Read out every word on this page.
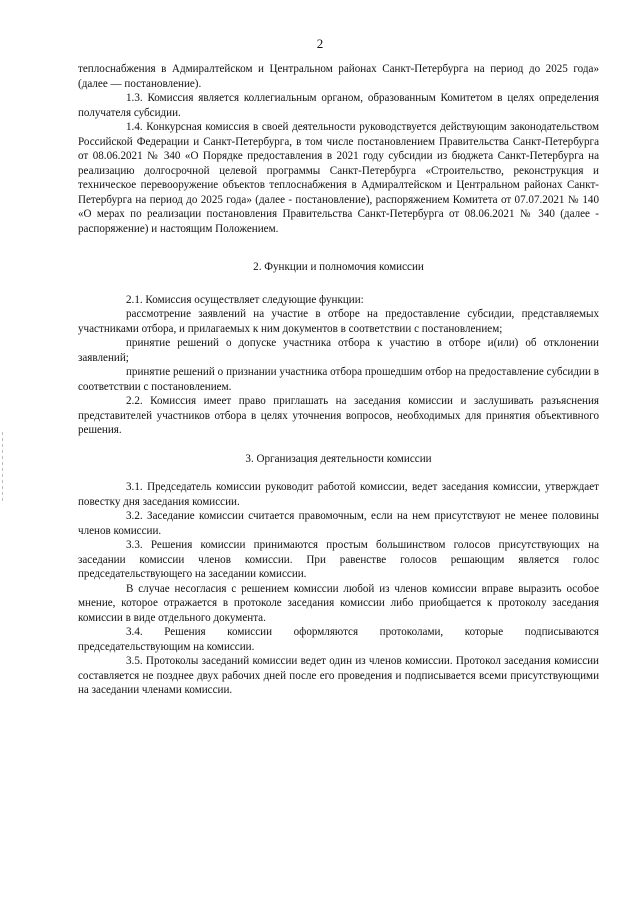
2

теплоснабжения в Адмиралтейском и Центральном районах Санкт-Петербурга на период до 2025 года» (далее — постановление).

1.3. Комиссия является коллегиальным органом, образованным Комитетом в целях определения получателя субсидии.

1.4. Конкурсная комиссия в своей деятельности руководствуется действующим законодательством Российской Федерации и Санкт-Петербурга, в том числе постановлением Правительства Санкт-Петербурга от 08.06.2021 № 340 «О Порядке предоставления в 2021 году субсидии из бюджета Санкт-Петербурга на реализацию долгосрочной целевой программы Санкт-Петербурга «Строительство, реконструкция и техническое перевооружение объектов теплоснабжения в Адмиралтейском и Центральном районах Санкт-Петербурга на период до 2025 года» (далее - постановление), распоряжением Комитета от 07.07.2021 № 140 «О мерах по реализации постановления Правительства Санкт-Петербурга от 08.06.2021 № 340 (далее - распоряжение) и настоящим Положением.

2. Функции и полномочия комиссии

2.1. Комиссия осуществляет следующие функции:

рассмотрение заявлений на участие в отборе на предоставление субсидии, представляемых участниками отбора, и прилагаемых к ним документов в соответствии с постановлением;

принятие решений о допуске участника отбора к участию в отборе и(или) об отклонении заявлений;

принятие решений о признании участника отбора прошедшим отбор на предоставление субсидии в соответствии с постановлением.

2.2. Комиссия имеет право приглашать на заседания комиссии и заслушивать разъяснения представителей участников отбора в целях уточнения вопросов, необходимых для принятия объективного решения.

3. Организация деятельности комиссии

3.1. Председатель комиссии руководит работой комиссии, ведет заседания комиссии, утверждает повестку дня заседания комиссии.

3.2. Заседание комиссии считается правомочным, если на нем присутствуют не менее половины членов комиссии.

3.3. Решения комиссии принимаются простым большинством голосов присутствующих на заседании комиссии членов комиссии. При равенстве голосов решающим является голос председательствующего на заседании комиссии.

В случае несогласия с решением комиссии любой из членов комиссии вправе выразить особое мнение, которое отражается в протоколе заседания комиссии либо приобщается к протоколу заседания комиссии в виде отдельного документа.

3.4. Решения комиссии оформляются протоколами, которые подписываются председательствующим на комиссии.

3.5. Протоколы заседаний комиссии ведет один из членов комиссии. Протокол заседания комиссии составляется не позднее двух рабочих дней после его проведения и подписывается всеми присутствующими на заседании членами комиссии.
